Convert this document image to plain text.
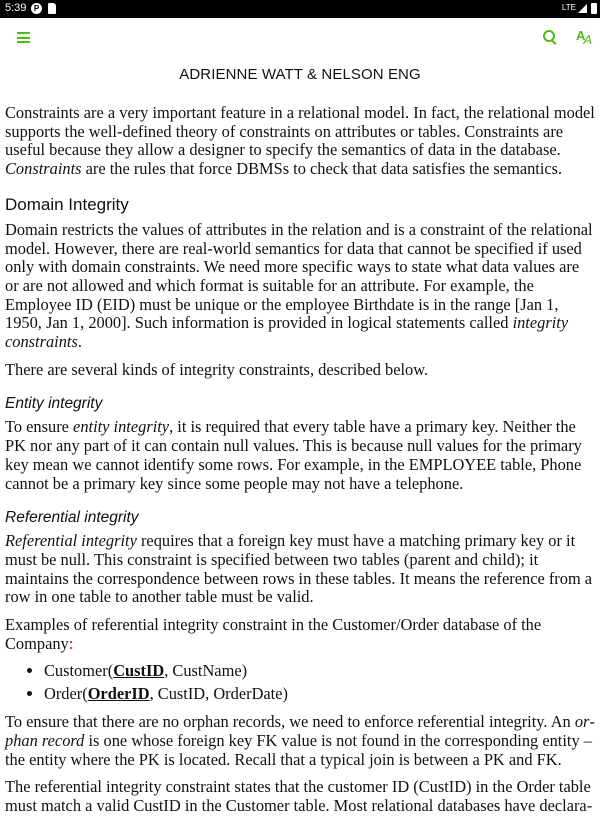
5:39 P	LTE
AA
ADRIENNE WATT & NELSON ENG

Constraints are a very important feature in a relational model. In fact, the relational model supports the well-defined theory of constraints on attributes or tables. Constraints are useful because they allow a designer to specify the semantics of data in the database. Constraints are the rules that force DBMSs to check that data satisfies the semantics.

Domain Integrity

Domain restricts the values of attributes in the relation and is a constraint of the relational model. However, there are real-world semantics for data that cannot be specified if used only with domain constraints. We need more specific ways to state what data values are or are not allowed and which format is suitable for an attribute. For example, the Employee ID (EID) must be unique or the employee Birthdate is in the range [Jan 1, 1950, Jan 1, 2000]. Such information is provided in logical statements called integrity constraints.

There are several kinds of integrity constraints, described below.

Entity integrity

To ensure entity integrity, it is required that every table have a primary key. Neither the PK nor any part of it can contain null values. This is because null values for the primary key mean we cannot identify some rows. For example, in the EMPLOYEE table, Phone cannot be a primary key since some people may not have a telephone.

Referential integrity

Referential integrity requires that a foreign key must have a matching primary key or it must be null. This constraint is specified between two tables (parent and child); it maintains the correspondence between rows in these tables. It means the reference from a row in one table to another table must be valid.

Examples of referential integrity constraint in the Customer/Order database of the Company:

• Customer(CustID, CustName)
• Order(OrderID, CustID, OrderDate)

To ensure that there are no orphan records, we need to enforce referential integrity. An orphan record is one whose foreign key FK value is not found in the corresponding entity – the entity where the PK is located. Recall that a typical join is between a PK and FK.

The referential integrity constraint states that the customer ID (CustID) in the Order table must match a valid CustID in the Customer table. Most relational databases have declara-
